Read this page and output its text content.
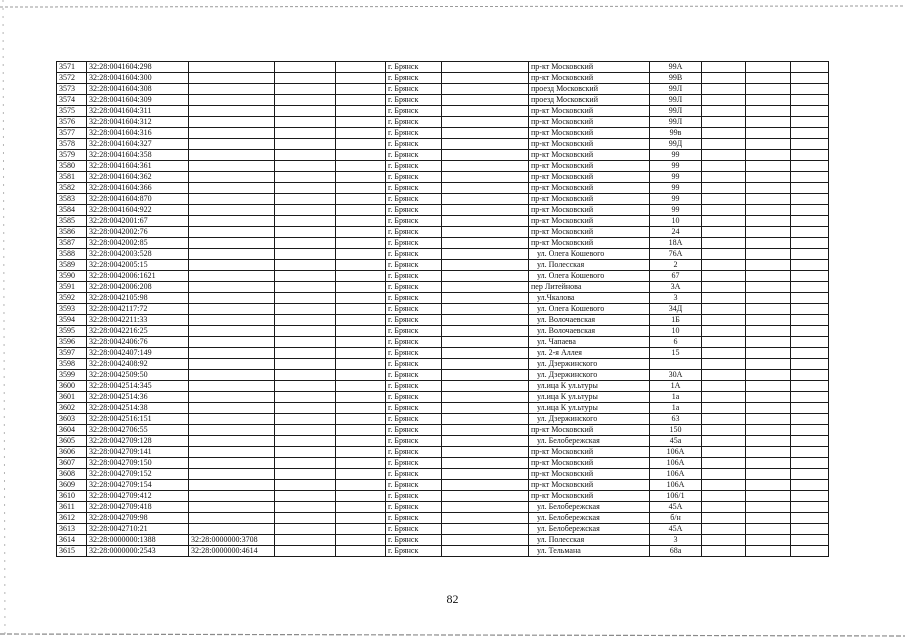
3571	32:28:0041604:298				г. Брянск		пр-кт Московский	99А			
3572	32:28:0041604:300				г. Брянск		пр-кт Московский	99В			
3573	32:28:0041604:308				г. Брянск		проезд Московский	99Л			
3574	32:28:0041604:309				г. Брянск		проезд Московский	99Л			
3575	32:28:0041604:311				г. Брянск		пр-кт Московский	99Л			
3576	32:28:0041604:312				г. Брянск		пр-кт Московский	99Л			
3577	32:28:0041604:316				г. Брянск		пр-кт Московский	99в			
3578	32:28:0041604:327				г. Брянск		пр-кт Московский	99Д			
3579	32:28:0041604:358				г. Брянск		пр-кт Московский	99			
3580	32:28:0041604:361				г. Брянск		пр-кт Московский	99			
3581	32:28:0041604:362				г. Брянск		пр-кт Московский	99			
3582	32:28:0041604:366				г. Брянск		пр-кт Московский	99			
3583	32:28:0041604:870				г. Брянск		пр-кт Московский	99			
3584	32:28:0041604:922				г. Брянск		пр-кт Московский	99			
3585	32:28:0042001:67				г. Брянск		пр-кт Московский	10			
3586	32:28:0042002:76				г. Брянск		пр-кт Московский	24			
3587	32:28:0042002:85				г. Брянск		пр-кт Московский	18А			
3588	32:28:0042003:528				г. Брянск		ул. Олега Кошевого	76А			
3589	32:28:0042005:15				г. Брянск		ул. Полесская	2			
3590	32:28:0042006:1621				г. Брянск		ул. Олега Кошевого	67			
3591	32:28:0042006:208				г. Брянск		пер Литейнова	3А			
3592	32:28:0042105:98				г. Брянск		ул.Чкалова	3			
3593	32:28:0042117:72				г. Брянск		ул. Олега Кошевого	34Д			
3594	32:28:0042211:33				г. Брянск		ул. Волочаевская	1Б			
3595	32:28:0042216:25				г. Брянск		ул. Волочаевская	10			
3596	32:28:0042406:76				г. Брянск		ул. Чапаева	6			
3597	32:28:0042407:149				г. Брянск		ул. 2-я Аллея	15			
3598	32:28:0042408:92				г. Брянск		ул. Дзержинского				
3599	32:28:0042509:50				г. Брянск		ул. Дзержинского	30А			
3600	32:28:0042514:345				г. Брянск		ул.ица К ул.ьтуры	1А			
3601	32:28:0042514:36				г. Брянск		ул.ица К ул.ьтуры	1а			
3602	32:28:0042514:38				г. Брянск		ул.ица К ул.ьтуры	1а			
3603	32:28:0042516:151				г. Брянск		ул. Дзержинского	63			
3604	32:28:0042706:55				г. Брянск		пр-кт Московский	150			
3605	32:28:0042709:128				г. Брянск		ул. Белобережская	45а			
3606	32:28:0042709:141				г. Брянск		пр-кт Московский	106А			
3607	32:28:0042709:150				г. Брянск		пр-кт Московский	106А			
3608	32:28:0042709:152				г. Брянск		пр-кт Московский	106А			
3609	32:28:0042709:154				г. Брянск		пр-кт Московский	106А			
3610	32:28:0042709:412				г. Брянск		пр-кт Московский	106/1			
3611	32:28:0042709:418				г. Брянск		ул. Белобережская	45А			
3612	32:28:0042709:98				г. Брянск		ул. Белобережская	б/н			
3613	32:28:0042710:21				г. Брянск		ул. Белобережская	45А			
3614	32:28:0000000:1388	32:28:0000000:3708			г. Брянск		ул. Полесская	3			
3615	32:28:0000000:2543	32:28:0000000:4614			г. Брянск		ул. Тельмана	68а			
82
